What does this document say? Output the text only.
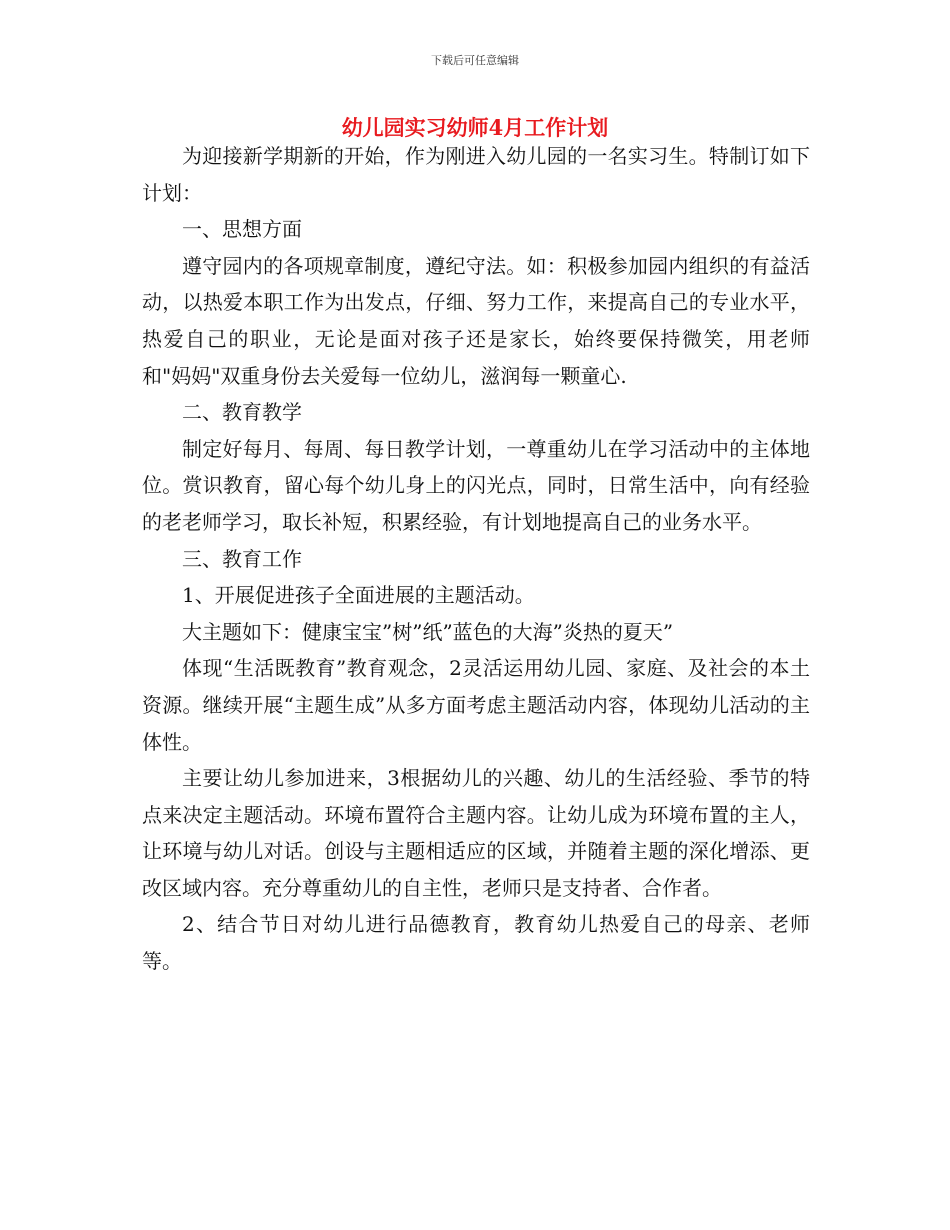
下载后可任意编辑
幼儿园实习幼师4月工作计划

为迎接新学期新的开始，作为刚进入幼儿园的一名实习生。特制订如下计划：

一、思想方面

遵守园内的各项规章制度，遵纪守法。如：积极参加园内组织的有益活动，以热爱本职工作为出发点，仔细、努力工作，来提高自己的专业水平，热爱自己的职业，无论是面对孩子还是家长，始终要保持微笑，用老师和"妈妈"双重身份去关爱每一位幼儿，滋润每一颗童心.

二、教育教学

制定好每月、每周、每日教学计划，一尊重幼儿在学习活动中的主体地位。赏识教育，留心每个幼儿身上的闪光点，同时，日常生活中，向有经验的老老师学习，取长补短，积累经验，有计划地提高自己的业务水平。

三、教育工作

1、开展促进孩子全面进展的主题活动。

大主题如下：健康宝宝”树”纸”蓝色的大海”炎热的夏天”

体现“生活既教育”教育观念，2灵活运用幼儿园、家庭、及社会的本土资源。继续开展“主题生成”从多方面考虑主题活动内容，体现幼儿活动的主体性。

主要让幼儿参加进来，3根据幼儿的兴趣、幼儿的生活经验、季节的特点来决定主题活动。环境布置符合主题内容。让幼儿成为环境布置的主人，让环境与幼儿对话。创设与主题相适应的区域，并随着主题的深化增添、更改区域内容。充分尊重幼儿的自主性，老师只是支持者、合作者。

2、结合节日对幼儿进行品德教育，教育幼儿热爱自己的母亲、老师等。
